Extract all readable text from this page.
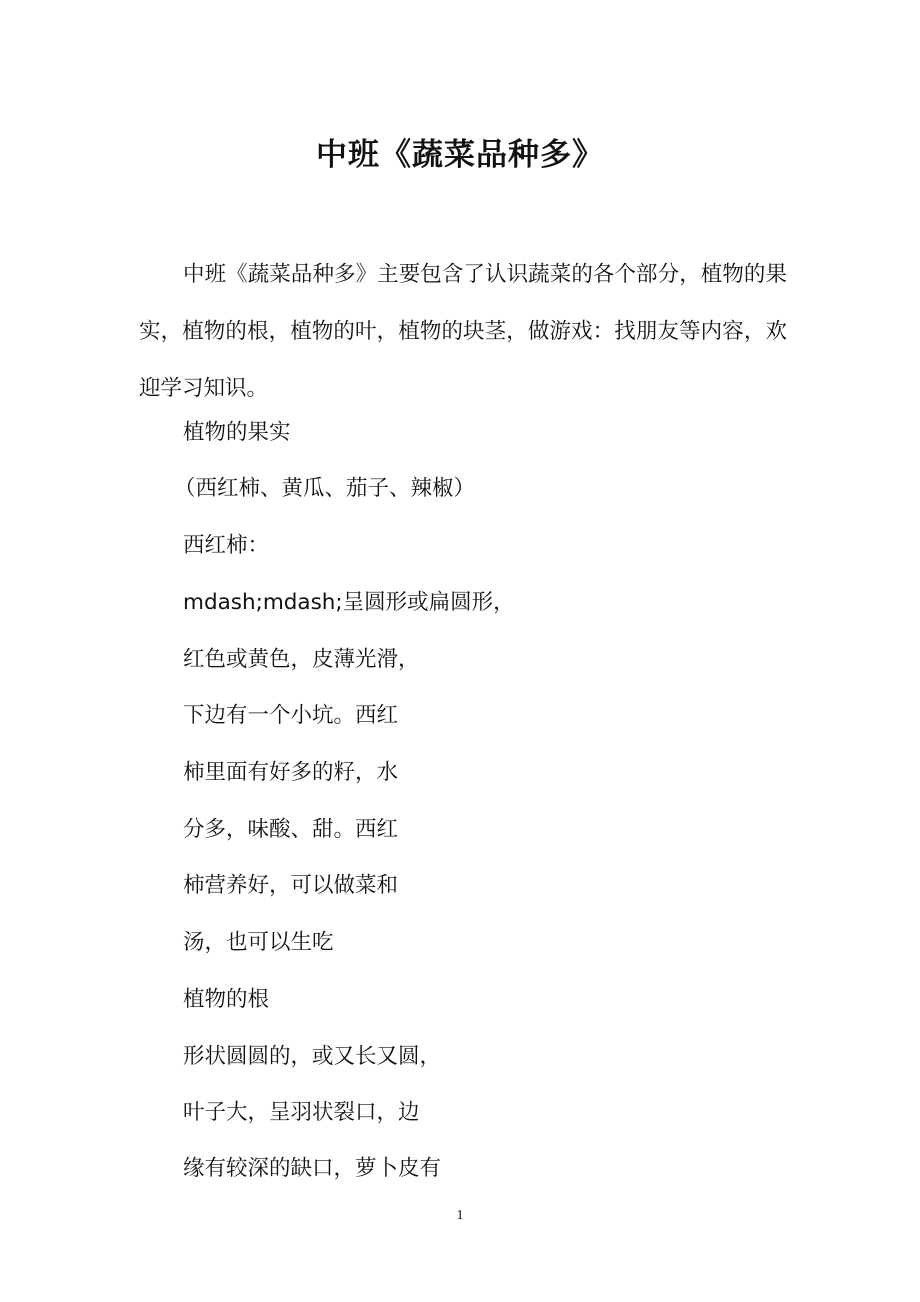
中班《蔬菜品种多》

中班《蔬菜品种多》主要包含了认识蔬菜的各个部分，植物的果实，植物的根，植物的叶，植物的块茎，做游戏：找朋友等内容，欢迎学习知识。

植物的果实

（西红柿、黄瓜、茄子、辣椒）

西红柿：

mdash;mdash;呈圆形或扁圆形，

红色或黄色，皮薄光滑，

下边有一个小坑。西红

柿里面有好多的籽，水

分多，味酸、甜。西红

柿营养好，可以做菜和

汤，也可以生吃

植物的根

形状圆圆的，或又长又圆，

叶子大，呈羽状裂口，边

缘有较深的缺口，萝卜皮有

1
